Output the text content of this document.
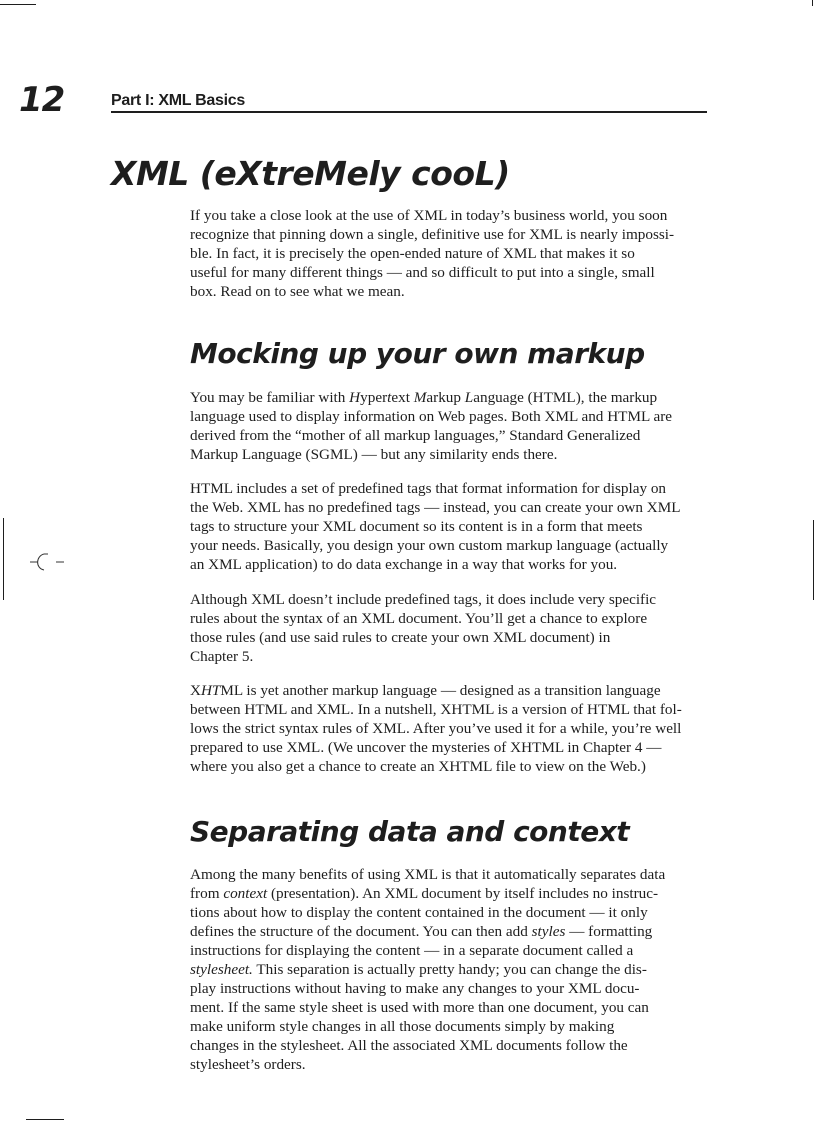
12	Part I: XML Basics
XML (eXtreMely cooL)

If you take a close look at the use of XML in today’s business world, you soon
recognize that pinning down a single, definitive use for XML is nearly impossi-
ble. In fact, it is precisely the open-ended nature of XML that makes it so
useful for many different things — and so difficult to put into a single, small
box. Read on to see what we mean.

Mocking up your own markup

You may be familiar with Hypertext Markup Language (HTML), the markup
language used to display information on Web pages. Both XML and HTML are
derived from the “mother of all markup languages,” Standard Generalized
Markup Language (SGML) — but any similarity ends there.

HTML includes a set of predefined tags that format information for display on
the Web. XML has no predefined tags — instead, you can create your own XML
tags to structure your XML document so its content is in a form that meets
your needs. Basically, you design your own custom markup language (actually
an XML application) to do data exchange in a way that works for you.

Although XML doesn’t include predefined tags, it does include very specific
rules about the syntax of an XML document. You’ll get a chance to explore
those rules (and use said rules to create your own XML document) in
Chapter 5.

XHTML is yet another markup language — designed as a transition language
between HTML and XML. In a nutshell, XHTML is a version of HTML that fol-
lows the strict syntax rules of XML. After you’ve used it for a while, you’re well
prepared to use XML. (We uncover the mysteries of XHTML in Chapter 4 —
where you also get a chance to create an XHTML file to view on the Web.)

Separating data and context

Among the many benefits of using XML is that it automatically separates data
from context (presentation). An XML document by itself includes no instruc-
tions about how to display the content contained in the document — it only
defines the structure of the document. You can then add styles — formatting
instructions for displaying the content — in a separate document called a
stylesheet. This separation is actually pretty handy; you can change the dis-
play instructions without having to make any changes to your XML docu-
ment. If the same style sheet is used with more than one document, you can
make uniform style changes in all those documents simply by making
changes in the stylesheet. All the associated XML documents follow the
stylesheet’s orders.
